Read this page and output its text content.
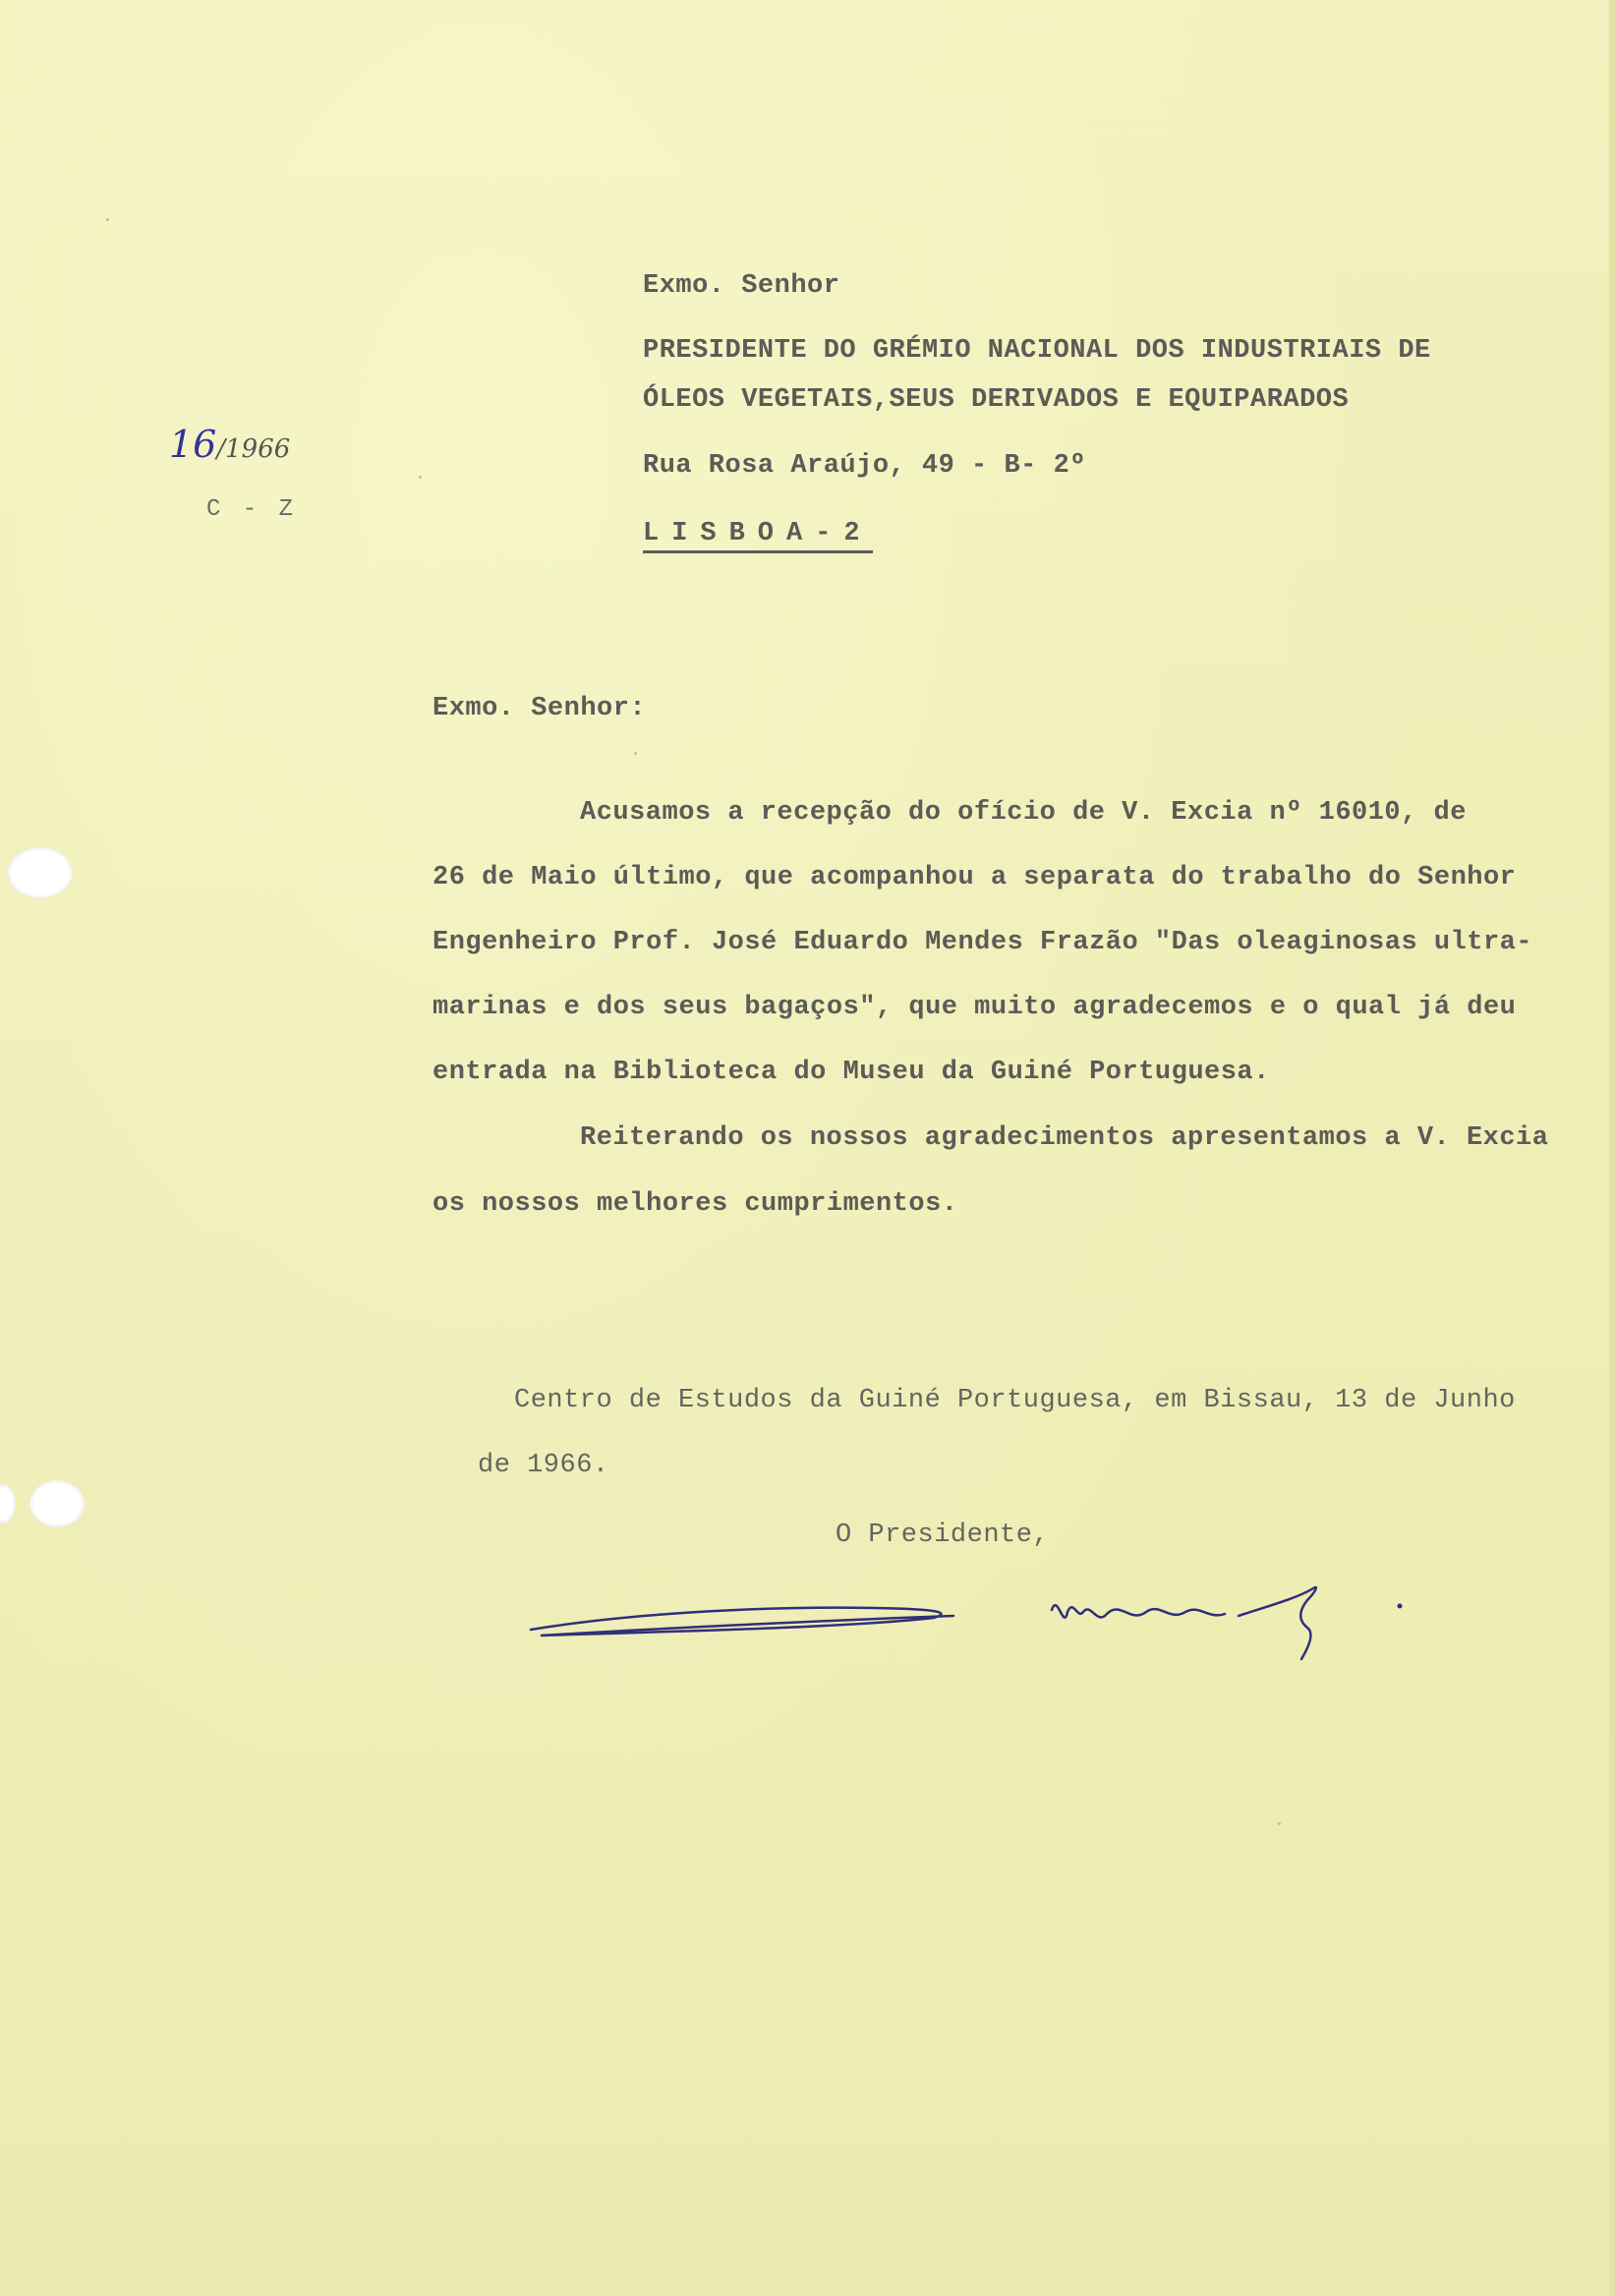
16/1966
C - Z
Exmo. Senhor
PRESIDENTE DO GRÉMIO NACIONAL DOS INDUSTRIAIS DE
ÓLEOS VEGETAIS,SEUS DERIVADOS E EQUIPARADOS
Rua Rosa Araújo, 49 - B- 2º
LISBOA-2
Exmo. Senhor:
Acusamos a recepção do ofício de V. Excia nº 16010, de
26 de Maio último, que acompanhou a separata do trabalho do Senhor
Engenheiro Prof. José Eduardo Mendes Frazão "Das oleaginosas ultra-
marinas e dos seus bagaços", que muito agradecemos e o qual já deu
entrada na Biblioteca do Museu da Guiné Portuguesa.
Reiterando os nossos agradecimentos apresentamos a V. Excia
os nossos melhores cumprimentos.
Centro de Estudos da Guiné Portuguesa, em Bissau, 13 de Junho
de 1966.
O Presidente,
